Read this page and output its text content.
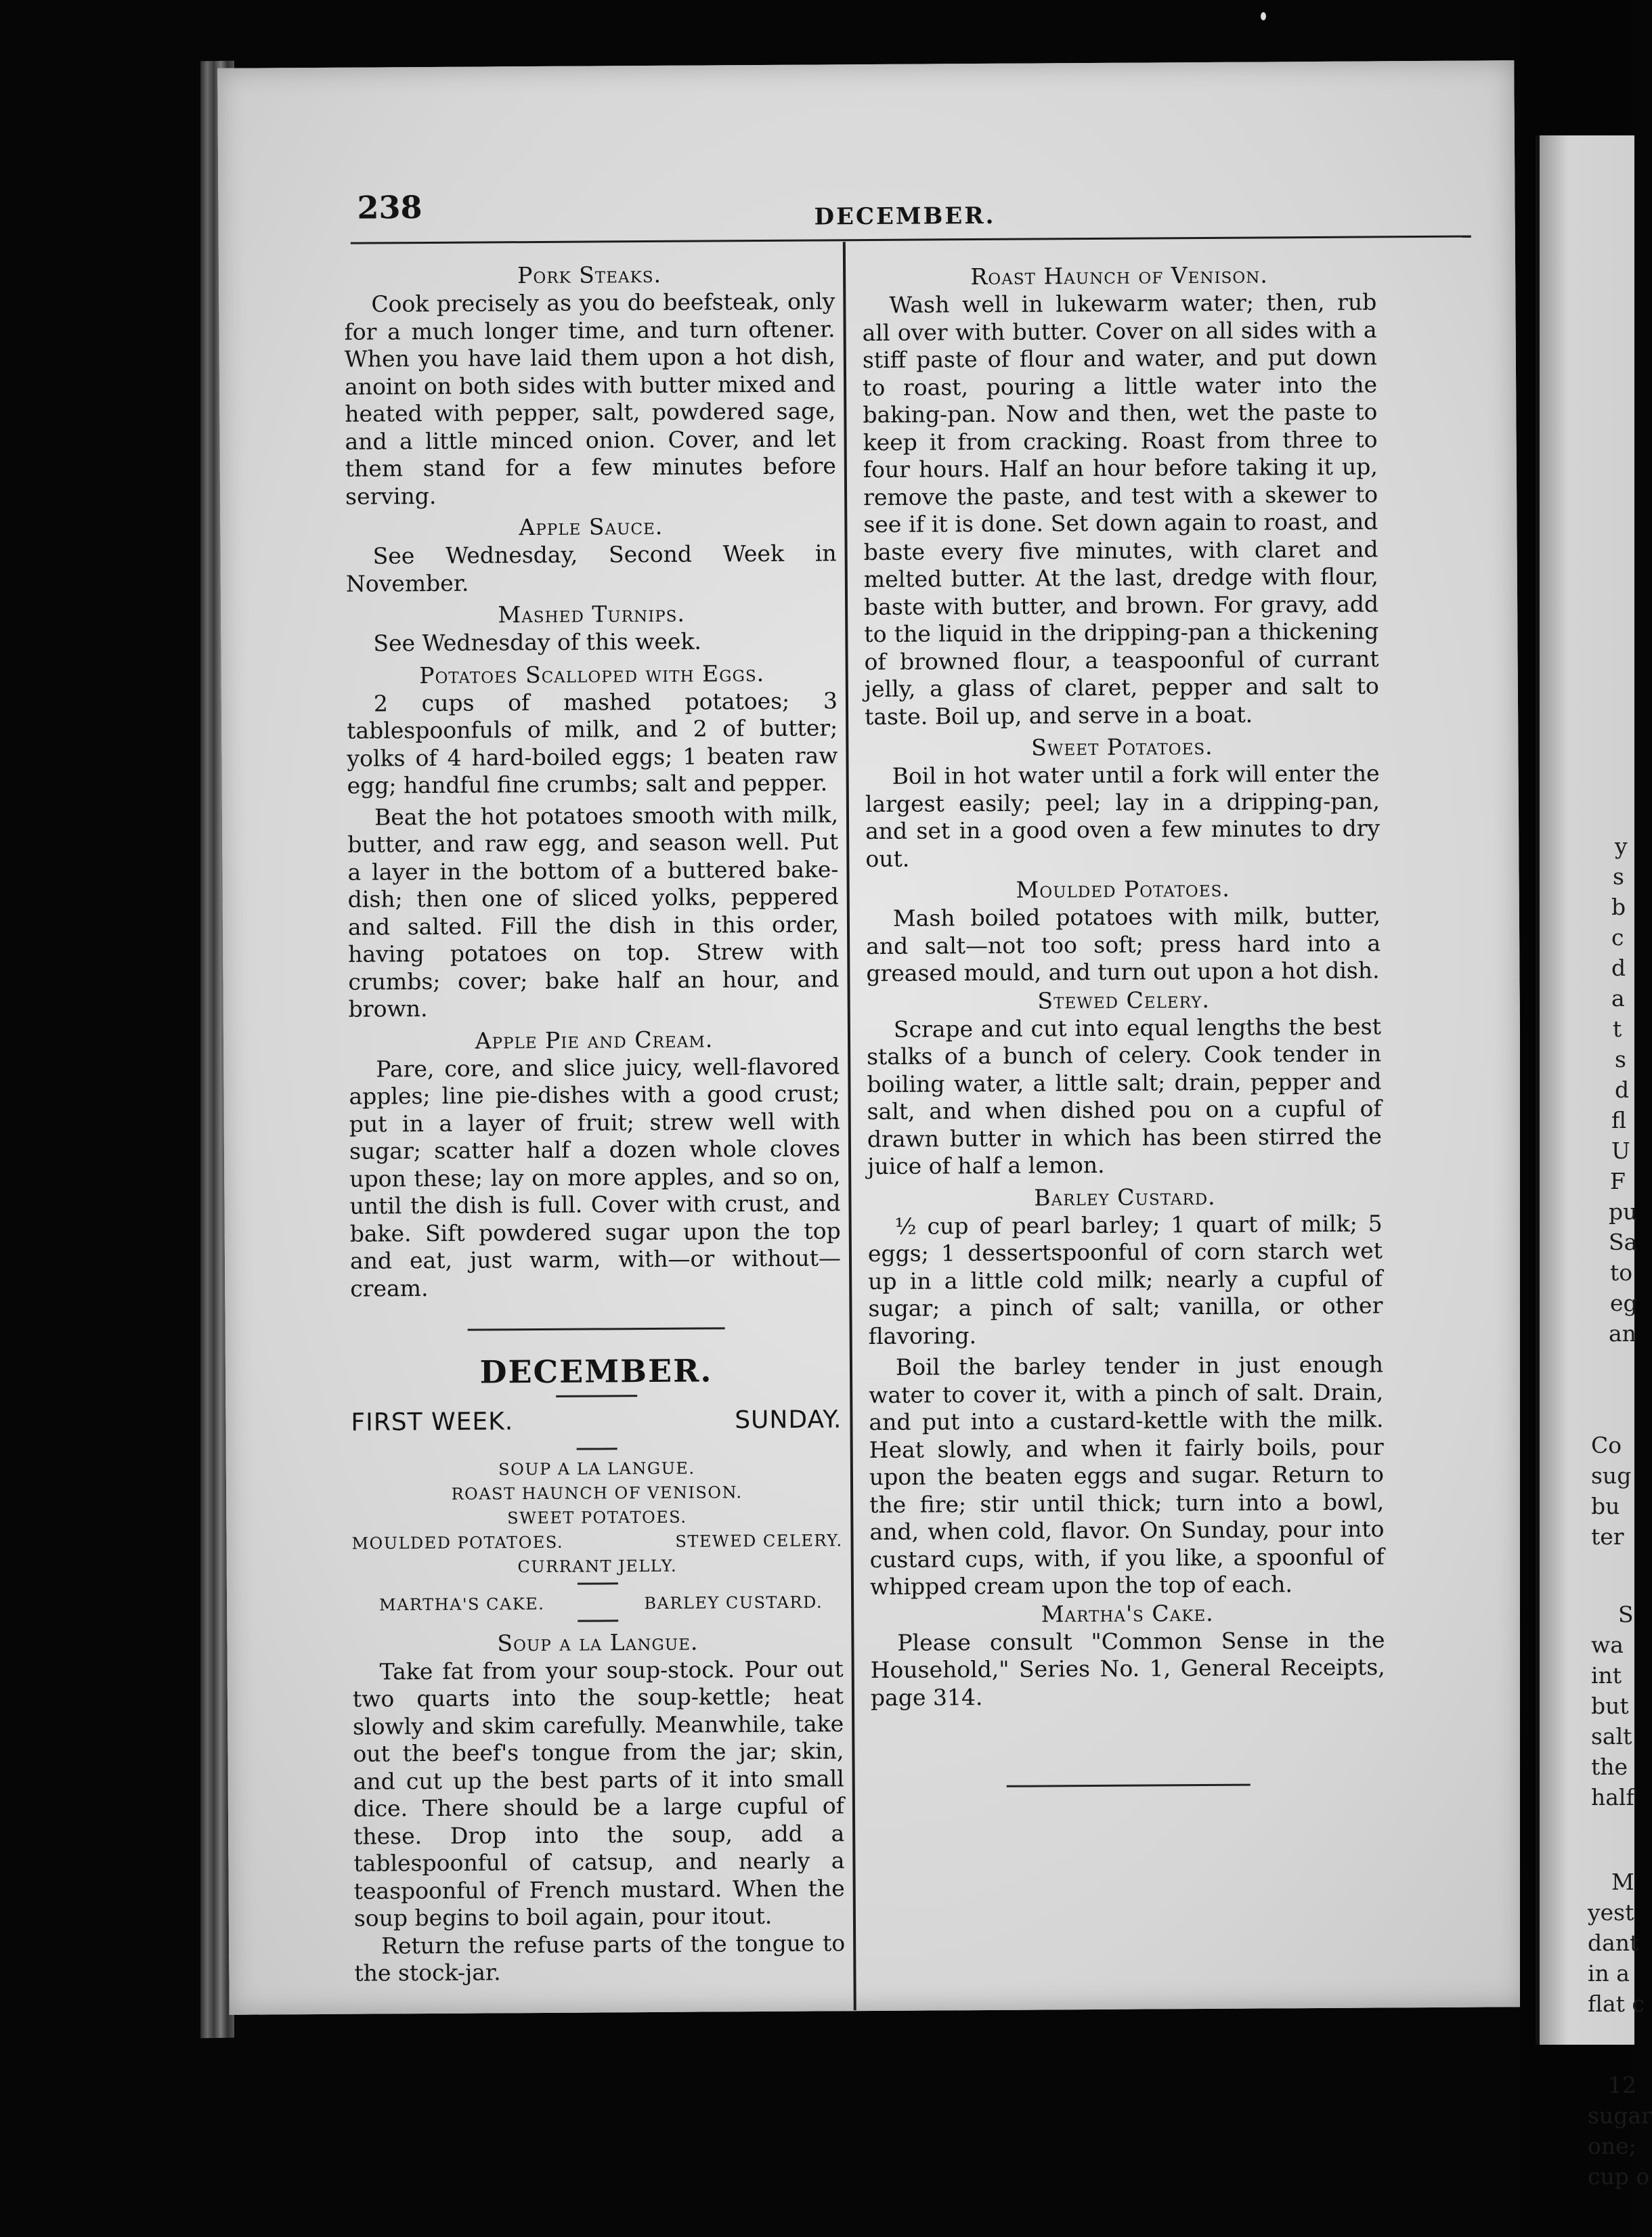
238	DECEMBER.

Pork Steaks.

Cook precisely as you do beefsteak, only for a much longer time, and turn oftener. When you have laid them upon a hot dish, anoint on both sides with butter mixed and heated with pepper, salt, powdered sage, and a little minced onion. Cover, and let them stand for a few minutes before serving.

Apple Sauce.

See Wednesday, Second Week in November.

Mashed Turnips.

See Wednesday of this week.

Potatoes Scalloped with Eggs.

2 cups of mashed potatoes; 3 tablespoonfuls of milk, and 2 of butter; yolks of 4 hard-boiled eggs; 1 beaten raw egg; handful fine crumbs; salt and pepper.

Beat the hot potatoes smooth with milk, butter, and raw egg, and season well. Put a layer in the bottom of a buttered bake-dish; then one of sliced yolks, peppered and salted. Fill the dish in this order, having potatoes on top. Strew with crumbs; cover; bake half an hour, and brown.

Apple Pie and Cream.

Pare, core, and slice juicy, well-flavored apples; line pie-dishes with a good crust; put in a layer of fruit; strew well with sugar; scatter half a dozen whole cloves upon these; lay on more apples, and so on, until the dish is full. Cover with crust, and bake. Sift powdered sugar upon the top and eat, just warm, with—or without—cream.

DECEMBER.

FIRST WEEK.	SUNDAY.

SOUP A LA LANGUE.

ROAST HAUNCH OF VENISON.

SWEET POTATOES.

MOULDED POTATOES.	STEWED CELERY.

CURRANT JELLY.

MARTHA'S CAKE.	BARLEY CUSTARD.

Soup a la Langue.

Take fat from your soup-stock. Pour out two quarts into the soup-kettle; heat slowly and skim carefully. Meanwhile, take out the beef's tongue from the jar; skin, and cut up the best parts of it into small dice. There should be a large cupful of these. Drop into the soup, add a tablespoonful of catsup, and nearly a teaspoonful of French mustard. When the soup begins to boil again, pour itout.

Return the refuse parts of the tongue to the stock-jar.

Roast Haunch of Venison.

Wash well in lukewarm water; then, rub all over with butter. Cover on all sides with a stiff paste of flour and water, and put down to roast, pouring a little water into the baking-pan. Now and then, wet the paste to keep it from cracking. Roast from three to four hours. Half an hour before taking it up, remove the paste, and test with a skewer to see if it is done. Set down again to roast, and baste every five minutes, with claret and melted butter. At the last, dredge with flour, baste with butter, and brown. For gravy, add to the liquid in the dripping-pan a thickening of browned flour, a teaspoonful of currant jelly, a glass of claret, pepper and salt to taste. Boil up, and serve in a boat.

Sweet Potatoes.

Boil in hot water until a fork will enter the largest easily; peel; lay in a dripping-pan, and set in a good oven a few minutes to dry out.

Moulded Potatoes.

Mash boiled potatoes with milk, butter, and salt—not too soft; press hard into a greased mould, and turn out upon a hot dish.

Stewed Celery.

Scrape and cut into equal lengths the best stalks of a bunch of celery. Cook tender in boiling water, a little salt; drain, pepper and salt, and when dished pou on a cupful of drawn butter in which has been stirred the juice of half a lemon.

Barley Custard.

½ cup of pearl barley; 1 quart of milk; 5 eggs; 1 dessertspoonful of corn starch wet up in a little cold milk; nearly a cupful of sugar; a pinch of salt; vanilla, or other flavoring.

Boil the barley tender in just enough water to cover it, with a pinch of salt. Drain, and put into a custard-kettle with the milk. Heat slowly, and when it fairly boils, pour upon the beaten eggs and sugar. Return to the fire; stir until thick; turn into a bowl, and, when cold, flavor. On Sunday, pour into custard cups, with, if you like, a spoonful of whipped cream upon the top of each.

Martha's Cake.

Please consult "Common Sense in the Household," Series No. 1, General Receipts, page 314.

y
s
b
c
d
a
t
s
d
fl
U
F
pu
Sa
to
eg
an
Co
sug
bu
ter
S
wa
int
but
salt
the
half
M
yest
dant
in a
flat c
12
sugar
one;
cup o
